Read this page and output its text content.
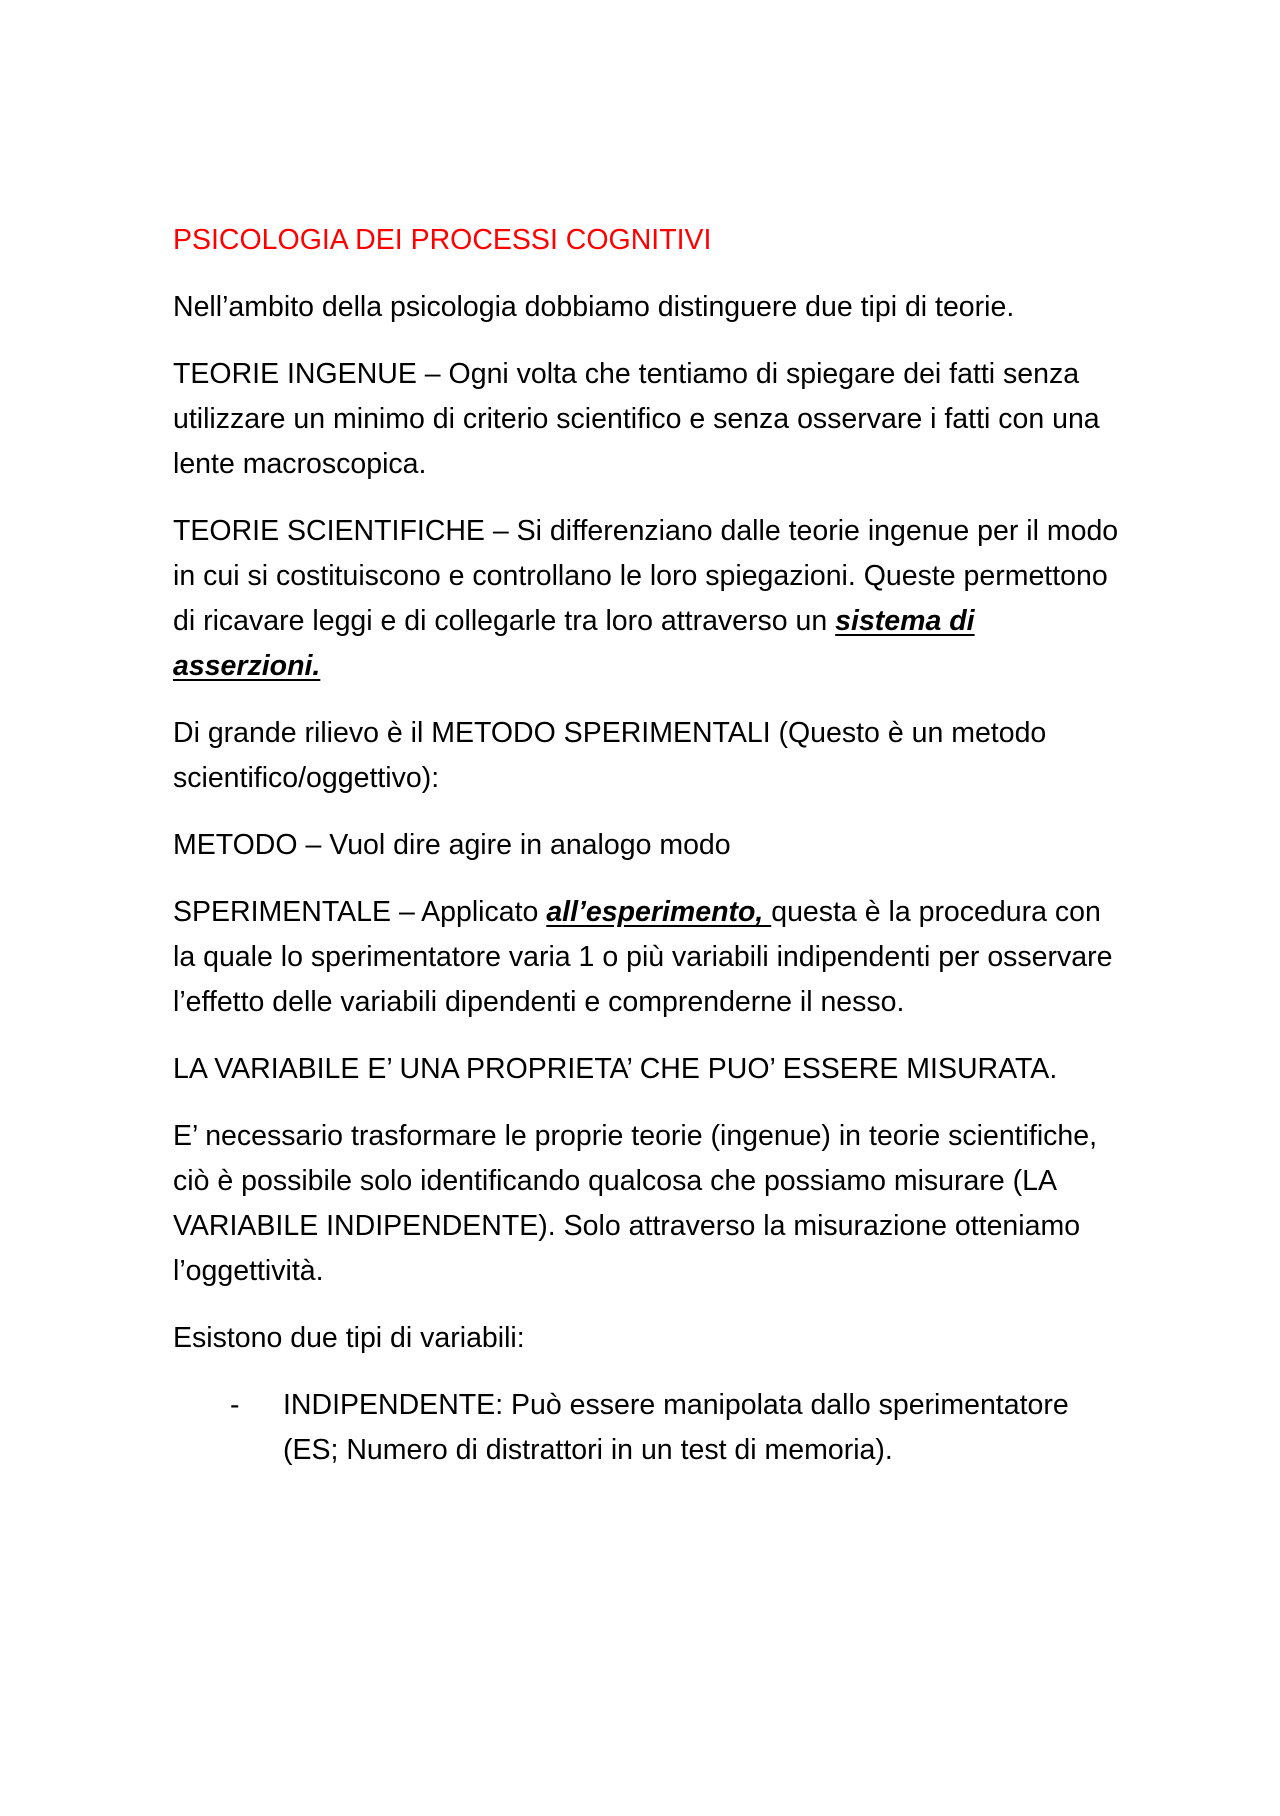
PSICOLOGIA DEI PROCESSI COGNITIVI

Nell’ambito della psicologia dobbiamo distinguere due tipi di teorie.

TEORIE INGENUE – Ogni volta che tentiamo di spiegare dei fatti senza utilizzare un minimo di criterio scientifico e senza osservare i fatti con una lente macroscopica.

TEORIE SCIENTIFICHE – Si differenziano dalle teorie ingenue per il modo in cui si costituiscono e controllano le loro spiegazioni. Queste permettono di ricavare leggi e di collegarle tra loro attraverso un sistema di asserzioni.

Di grande rilievo è il METODO SPERIMENTALI (Questo è un metodo scientifico/oggettivo):

METODO – Vuol dire agire in analogo modo

SPERIMENTALE – Applicato all’esperimento, questa è la procedura con la quale lo sperimentatore varia 1 o più variabili indipendenti per osservare l’effetto delle variabili dipendenti e comprenderne il nesso.

LA VARIABILE E’ UNA PROPRIETA’ CHE PUO’ ESSERE MISURATA.

E’ necessario trasformare le proprie teorie (ingenue) in teorie scientifiche, ciò è possibile solo identificando qualcosa che possiamo misurare (LA VARIABILE INDIPENDENTE). Solo attraverso la misurazione otteniamo l’oggettività.

Esistono due tipi di variabili:

- INDIPENDENTE: Può essere manipolata dallo sperimentatore (ES; Numero di distrattori in un test di memoria).
